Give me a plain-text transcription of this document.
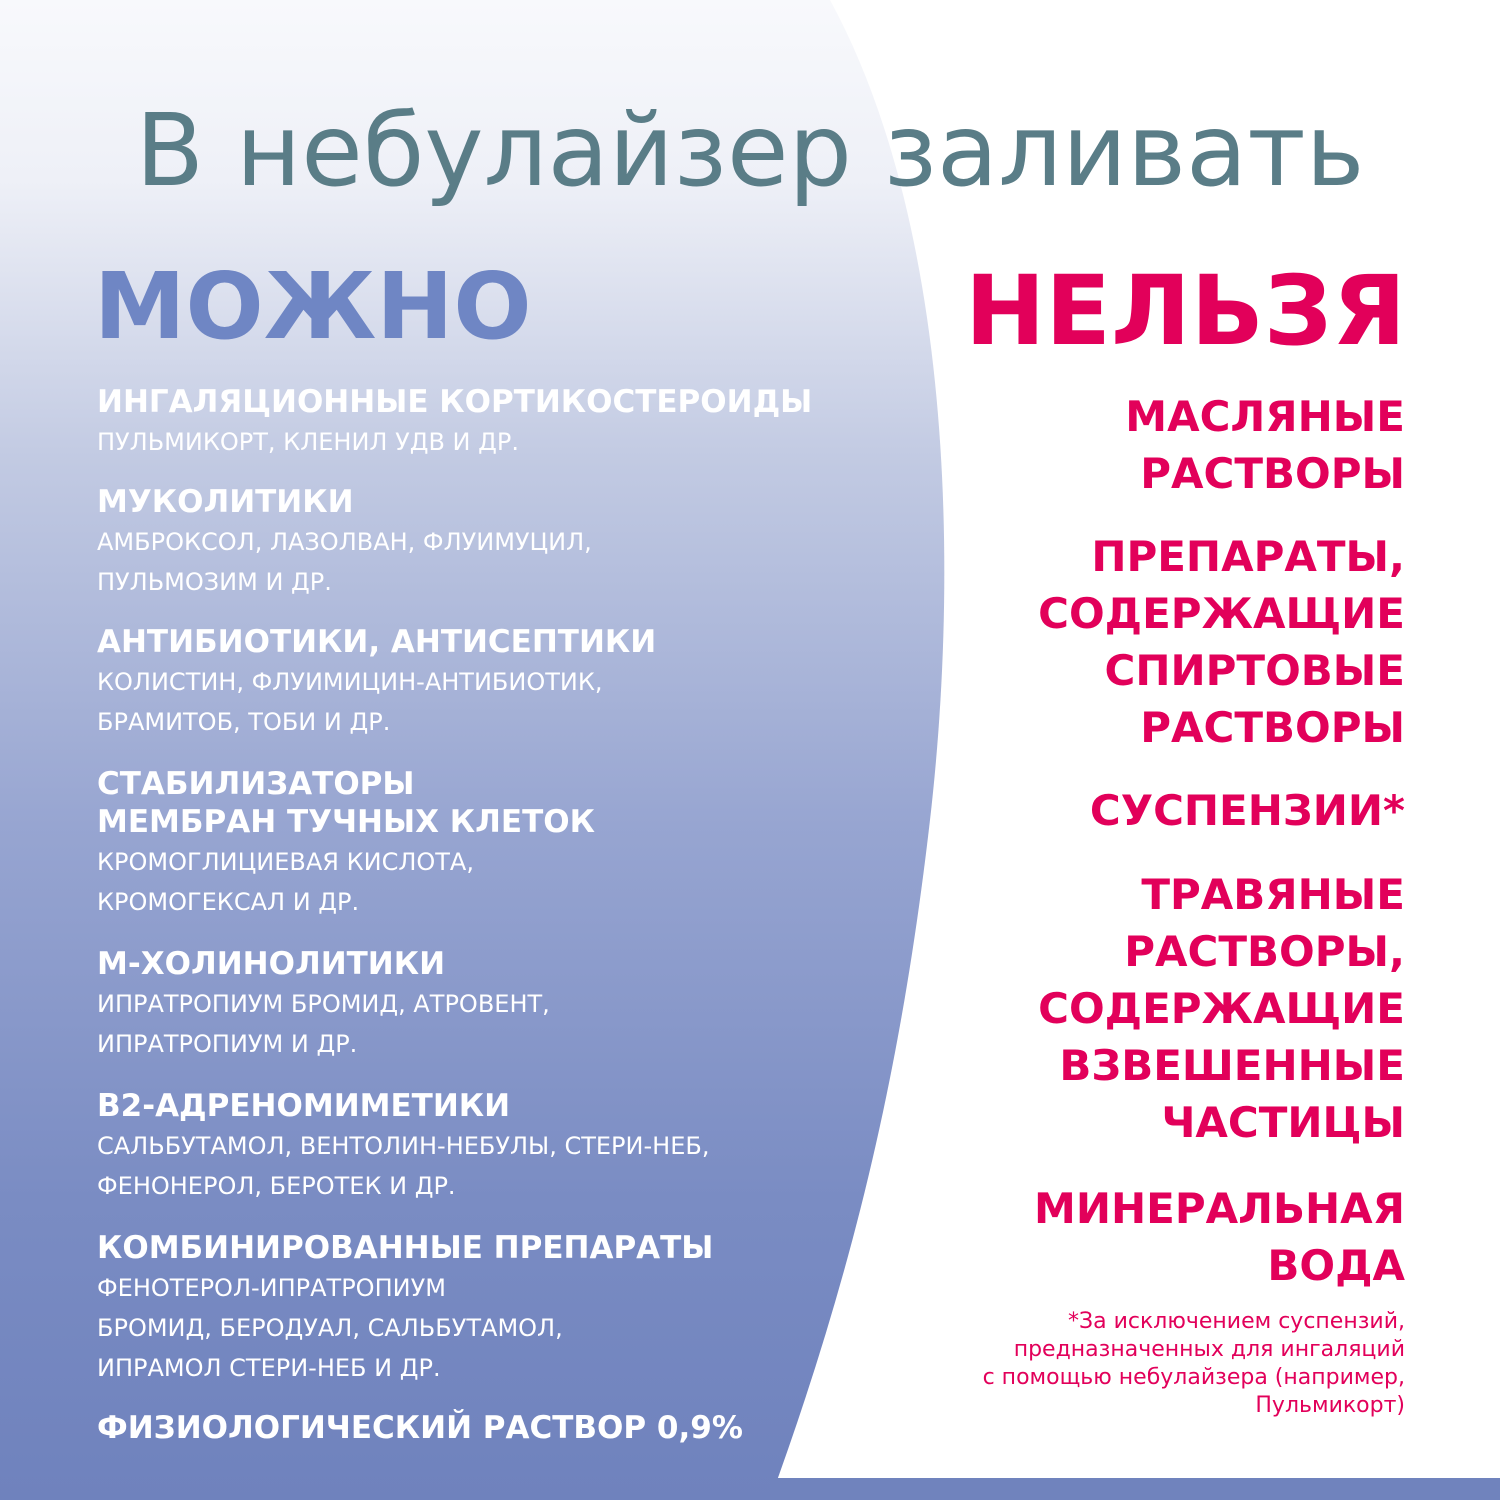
В небулайзер заливать
МОЖНО	НЕЛЬЗЯ
ИНГАЛЯЦИОННЫЕ КОРТИКОСТЕРОИДЫ
ПУЛЬМИКОРТ, КЛЕНИЛ УДВ И ДР.
МУКОЛИТИКИ
АМБРОКСОЛ, ЛАЗОЛВАН, ФЛУИМУЦИЛ,
ПУЛЬМОЗИМ И ДР.
АНТИБИОТИКИ, АНТИСЕПТИКИ
КОЛИСТИН, ФЛУИМИЦИН-АНТИБИОТИК,
БРАМИТОБ, ТОБИ И ДР.
СТАБИЛИЗАТОРЫ
МЕМБРАН ТУЧНЫХ КЛЕТОК
КРОМОГЛИЦИЕВАЯ КИСЛОТА,
КРОМОГЕКСАЛ И ДР.
М-ХОЛИНОЛИТИКИ
ИПРАТРОПИУМ БРОМИД, АТРОВЕНТ,
ИПРАТРОПИУМ И ДР.
В2-АДРЕНОМИМЕТИКИ
САЛЬБУТАМОЛ, ВЕНТОЛИН-НЕБУЛЫ, СТЕРИ-НЕБ,
ФЕНОНЕРОЛ, БЕРОТЕК И ДР.
КОМБИНИРОВАННЫЕ ПРЕПАРАТЫ
ФЕНОТЕРОЛ-ИПРАТРОПИУМ
БРОМИД, БЕРОДУАЛ, САЛЬБУТАМОЛ,
ИПРАМОЛ СТЕРИ-НЕБ И ДР.
ФИЗИОЛОГИЧЕСКИЙ РАСТВОР 0,9%
МАСЛЯНЫЕ
РАСТВОРЫ
ПРЕПАРАТЫ,
СОДЕРЖАЩИЕ
СПИРТОВЫЕ
РАСТВОРЫ
СУСПЕНЗИИ*
ТРАВЯНЫЕ
РАСТВОРЫ,
СОДЕРЖАЩИЕ
ВЗВЕШЕННЫЕ
ЧАСТИЦЫ
МИНЕРАЛЬНАЯ
ВОДА
*За исключением суспензий,
предназначенных для ингаляций
с помощью небулайзера (например,
Пульмикорт)
